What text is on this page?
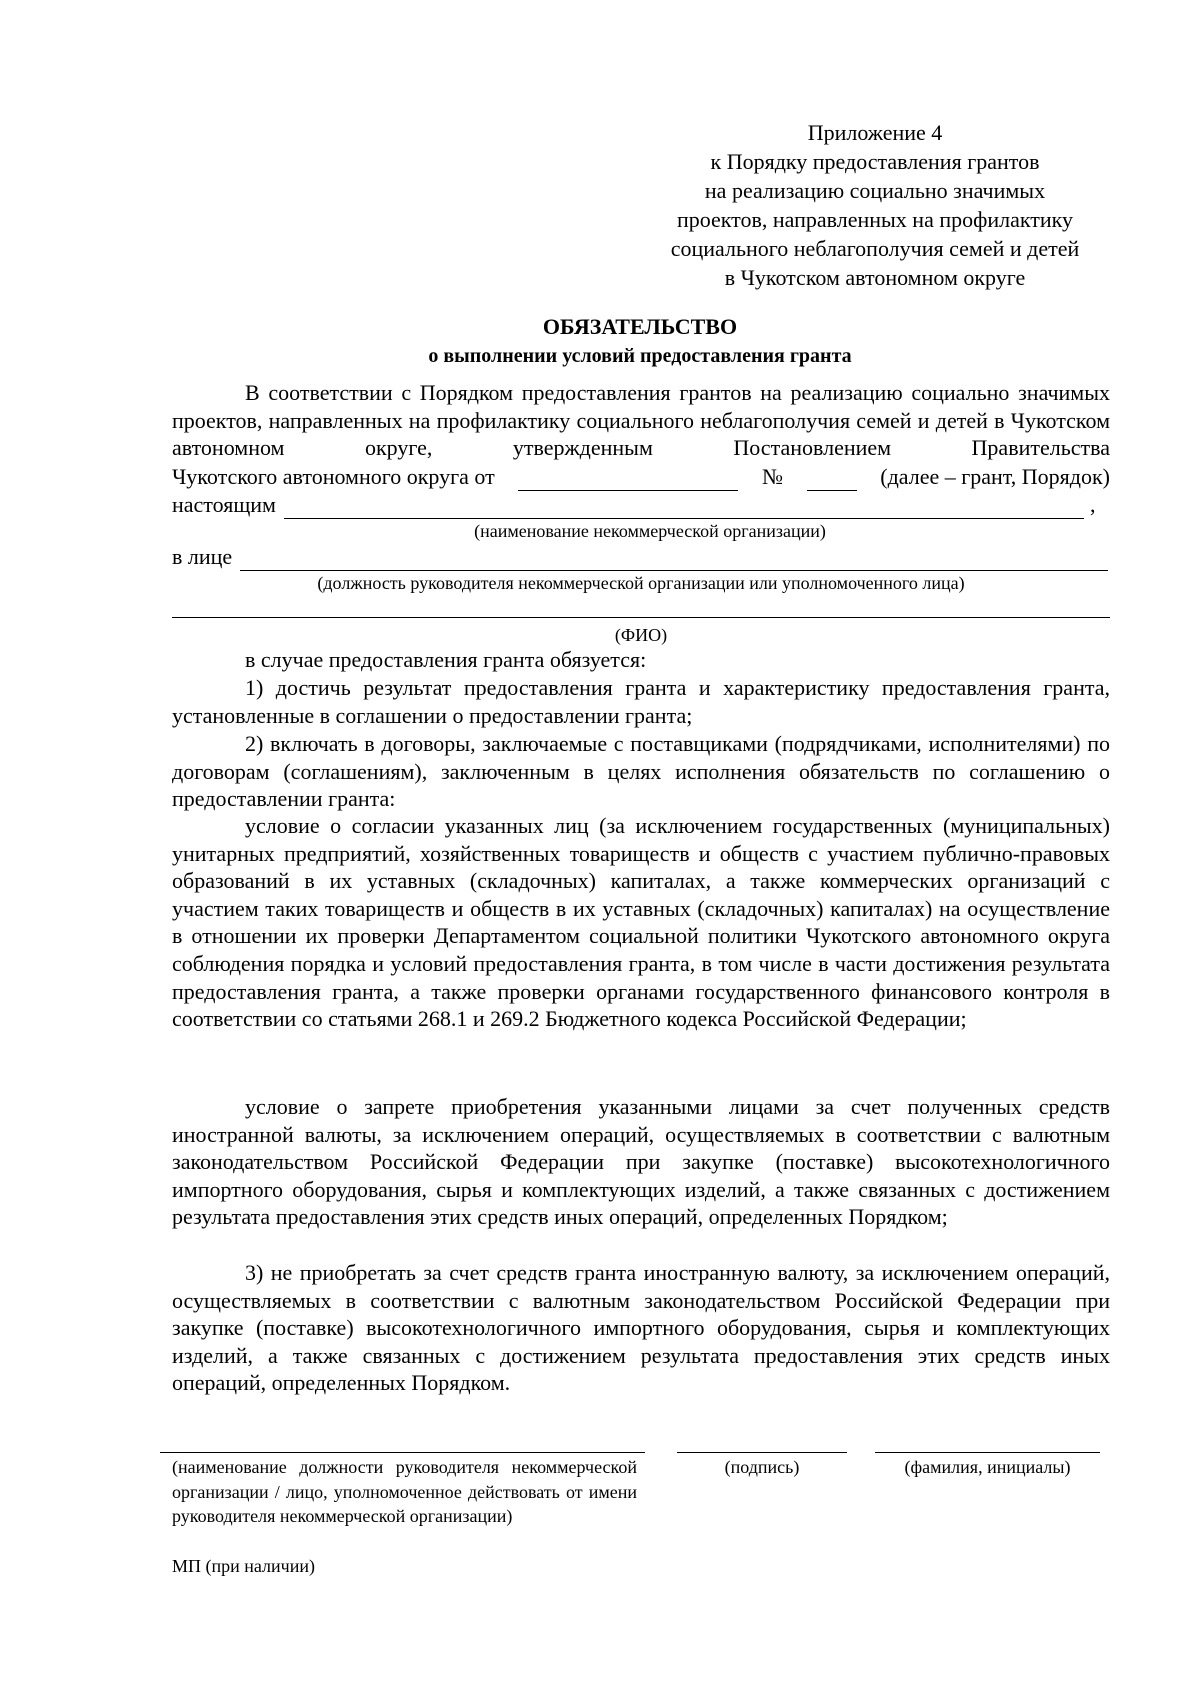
Приложение 4
к Порядку предоставления грантов
на реализацию социально значимых
проектов, направленных на профилактику
социального неблагополучия семей и детей
в Чукотском автономном округе
ОБЯЗАТЕЛЬСТВО
о выполнении условий предоставления гранта
В соответствии с Порядком предоставления грантов на реализацию социально значимых проектов, направленных на профилактику социального неблагополучия семей и детей в Чукотском автономном округе, утвержденным Постановлением Правительства
Чукотского автономного округа от	№	(далее – грант, Порядок)
настоящим	,
(наименование некоммерческой организации)
в лице
(должность руководителя некоммерческой организации или уполномоченного лица)
(ФИО)
в случае предоставления гранта обязуется:
1) достичь результат предоставления гранта и характеристику предоставления гранта, установленные в соглашении о предоставлении гранта;
2) включать в договоры, заключаемые с поставщиками (подрядчиками, исполнителями) по договорам (соглашениям), заключенным в целях исполнения обязательств по соглашению о предоставлении гранта:
условие о согласии указанных лиц (за исключением государственных (муниципальных) унитарных предприятий, хозяйственных товариществ и обществ с участием публично-правовых образований в их уставных (складочных) капиталах, а также коммерческих организаций с участием таких товариществ и обществ в их уставных (складочных) капиталах) на осуществление в отношении их проверки Департаментом социальной политики Чукотского автономного округа соблюдения порядка и условий предоставления гранта, в том числе в части достижения результата предоставления гранта, а также проверки органами государственного финансового контроля в соответствии со статьями 268.1 и 269.2 Бюджетного кодекса Российской Федерации;
условие о запрете приобретения указанными лицами за счет полученных средств иностранной валюты, за исключением операций, осуществляемых в соответствии с валютным законодательством Российской Федерации при закупке (поставке) высокотехнологичного импортного оборудования, сырья и комплектующих изделий, а также связанных с достижением результата предоставления этих средств иных операций, определенных Порядком;
3) не приобретать за счет средств гранта иностранную валюту, за исключением операций, осуществляемых в соответствии с валютным законодательством Российской Федерации при закупке (поставке) высокотехнологичного импортного оборудования, сырья и комплектующих изделий, а также связанных с достижением результата предоставления этих средств иных операций, определенных Порядком.
(наименование должности руководителя некоммерческой организации / лицо, уполномоченное действовать от имени руководителя некоммерческой организации)
(подпись)	(фамилия, инициалы)
МП (при наличии)
